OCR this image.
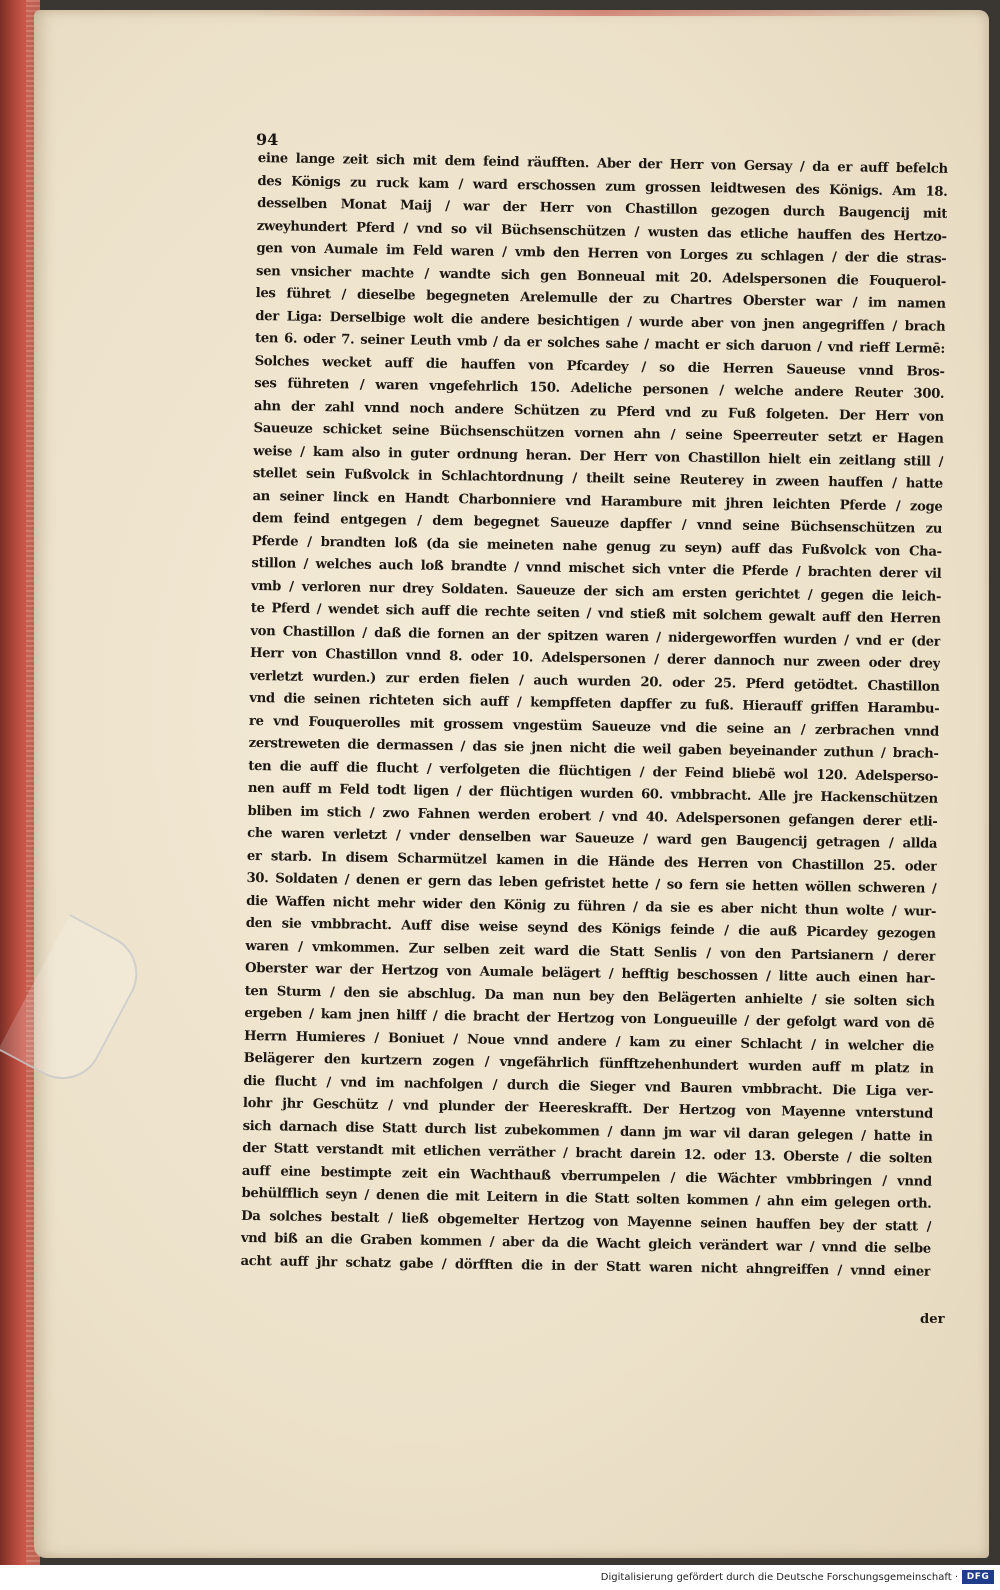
94
eine lange zeit sich mit dem feind räufften. Aber der Herr von Gersay / da er auff befelch
des Königs zu ruck kam / ward erschossen zum grossen leidtwesen des Königs. Am 18.
desselben Monat Maij / war der Herr von Chastillon gezogen durch Baugencij mit
zweyhundert Pferd / vnd so vil Büchsenschützen / wusten das etliche hauffen des Hertzo-
gen von Aumale im Feld waren / vmb den Herren von Lorges zu schlagen / der die stras-
sen vnsicher machte / wandte sich gen Bonneual mit 20. Adelspersonen die Fouquerol-
les führet / dieselbe begegneten Arelemulle der zu Chartres Oberster war / im namen
der Liga: Derselbige wolt die andere besichtigen / wurde aber von jnen angegriffen / brach
ten 6. oder 7. seiner Leuth vmb / da er solches sahe / macht er sich daruon / vnd rieff Lermē:
Solches wecket auff die hauffen von Pfcardey / so die Herren Saueuse vnnd Bros-
ses führeten / waren vngefehrlich 150. Adeliche personen / welche andere Reuter 300.
ahn der zahl vnnd noch andere Schützen zu Pferd vnd zu Fuß folgeten. Der Herr von
Saueuze schicket seine Büchsenschützen vornen ahn / seine Speerreuter setzt er Hagen
weise / kam also in guter ordnung heran. Der Herr von Chastillon hielt ein zeitlang still /
stellet sein Fußvolck in Schlachtordnung / theilt seine Reuterey in zween hauffen / hatte
an seiner linck en Handt Charbonniere vnd Harambure mit jhren leichten Pferde / zoge
dem feind entgegen / dem begegnet Saueuze dapffer / vnnd seine Büchsenschützen zu
Pferde / brandten loß (da sie meineten nahe genug zu seyn) auff das Fußvolck von Cha-
stillon / welches auch loß brandte / vnnd mischet sich vnter die Pferde / brachten derer vil
vmb / verloren nur drey Soldaten. Saueuze der sich am ersten gerichtet / gegen die leich-
te Pferd / wendet sich auff die rechte seiten / vnd stieß mit solchem gewalt auff den Herren
von Chastillon / daß die fornen an der spitzen waren / nidergeworffen wurden / vnd er (der
Herr von Chastillon vnnd 8. oder 10. Adelspersonen / derer dannoch nur zween oder drey
verletzt wurden.) zur erden fielen / auch wurden 20. oder 25. Pferd getödtet. Chastillon
vnd die seinen richteten sich auff / kempffeten dapffer zu fuß. Hierauff griffen Harambu-
re vnd Fouquerolles mit grossem vngestüm Saueuze vnd die seine an / zerbrachen vnnd
zerstreweten die dermassen / das sie jnen nicht die weil gaben beyeinander zuthun / brach-
ten die auff die flucht / verfolgeten die flüchtigen / der Feind bliebẽ wol 120. Adelsperso-
nen auff m Feld todt ligen / der flüchtigen wurden 60. vmbbracht. Alle jre Hackenschützen
bliben im stich / zwo Fahnen werden erobert / vnd 40. Adelspersonen gefangen derer etli-
che waren verletzt / vnder denselben war Saueuze / ward gen Baugencij getragen / allda
er starb. In disem Scharmützel kamen in die Hände des Herren von Chastillon 25. oder
30. Soldaten / denen er gern das leben gefristet hette / so fern sie hetten wöllen schweren /
die Waffen nicht mehr wider den König zu führen / da sie es aber nicht thun wolte / wur-
den sie vmbbracht. Auff dise weise seynd des Königs feinde / die auß Picardey gezogen
waren / vmkommen. Zur selben zeit ward die Statt Senlis / von den Partsianern / derer
Oberster war der Hertzog von Aumale belägert / hefftig beschossen / litte auch einen har-
ten Sturm / den sie abschlug. Da man nun bey den Belägerten anhielte / sie solten sich
ergeben / kam jnen hilff / die bracht der Hertzog von Longueuille / der gefolgt ward von dē
Herrn Humieres / Boniuet / Noue vnnd andere / kam zu einer Schlacht / in welcher die
Belägerer den kurtzern zogen / vngefährlich fünfftzehenhundert wurden auff m platz in
die flucht / vnd im nachfolgen / durch die Sieger vnd Bauren vmbbracht. Die Liga ver-
lohr jhr Geschütz / vnd plunder der Heereskrafft. Der Hertzog von Mayenne vnterstund
sich darnach dise Statt durch list zubekommen / dann jm war vil daran gelegen / hatte in
der Statt verstandt mit etlichen verräther / bracht darein 12. oder 13. Oberste / die solten
auff eine bestimpte zeit ein Wachthauß vberrumpelen / die Wächter vmbbringen / vnnd
behülfflich seyn / denen die mit Leitern in die Statt solten kommen / ahn eim gelegen orth.
Da solches bestalt / ließ obgemelter Hertzog von Mayenne seinen hauffen bey der statt /
vnd biß an die Graben kommen / aber da die Wacht gleich verändert war / vnnd die selbe
acht auff jhr schatz gabe / dörfften die in der Statt waren nicht ahngreiffen / vnnd einer
der
Digitalisierung gefördert durch die Deutsche Forschungsgemeinschaft · DFG
